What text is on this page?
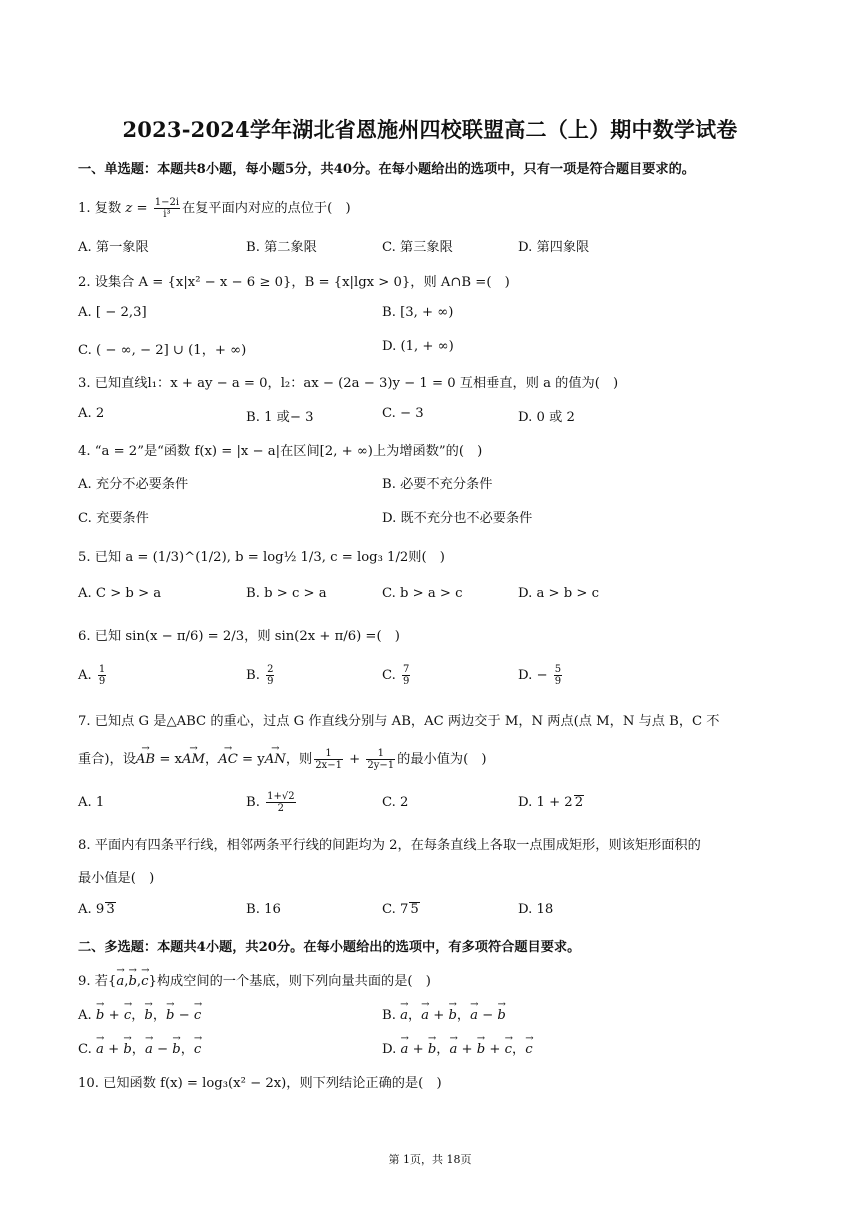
2023-2024学年湖北省恩施州四校联盟高二（上）期中数学试卷
一、单选题：本题共8小题，每小题5分，共40分。在每小题给出的选项中，只有一项是符合题目要求的。
1. 复数 $z = \frac{1-2i}{\text{i³}}$ 在复平面内对应的点位于(　)
A. 第一象限	B. 第二象限	C. 第三象限	D. 第四象限
2. 设集合 A = {x|x² − x − 6 ≥ 0}，B = {x|lgx > 0}，则 A∩B =(　)
A. [ − 2,3]	B. [3, + ∞)
C. ( − ∞, − 2] ∪ (1，+ ∞)	D. (1, + ∞)
3. 已知直线l₁：x + ay − a = 0，l₂：ax − (2a − 3)y − 1 = 0 互相垂直，则 a 的值为(　)
A. 2	B. 1 或− 3	C. − 3	D. 0 或 2
4. “a = 2”是“函数 f(x) = |x − a|在区间[2, + ∞)上为增函数”的(　)
A. 充分不必要条件	B. 必要不充分条件
C. 充要条件	D. 既不充分也不必要条件
5. 已知 a = (1/3)^(1/2), b = log½ 1/3, c = log₃ 1/2则(　)
A. C > b > a	B. b > c > a	C. b > a > c	D. a > b > c
6. 已知 sin(x − π/6) = 2/3，则 sin(2x + π/6) =(　)
A. $\frac{1}{9}$	B. $\frac{2}{9}$	C. $\frac{7}{9}$	D. − $\frac{5}{9}$
7. 已知点 G 是△ABC 的重心，过点 G 作直线分别与 AB，AC 两边交于 M，N 两点(点 M，N 与点 B，C 不
重合)，设→ AB = x→ AM，→ AC = y→ AN，则 $\frac{1}{2x-1} + \frac{1}{2y-1}$ 的最小值为(　)
A. 1	B. $\frac{1+√2}{2}$	C. 2	D. 1 + 2 2
8. 平面内有四条平行线，相邻两条平行线的间距均为 2，在每条直线上各取一点围成矩形，则该矩形面积的
最小值是(　)
A. 9 3	B. 16	C. 7 5	D. 18
二、多选题：本题共4小题，共20分。在每小题给出的选项中，有多项符合题目要求。
9. 若{→ a,→ b,→ c}构成空间的一个基底，则下列向量共面的是(　)
A. → b + → c，→ b，→ b − → c	B. → a，→ a + → b，→ a − → b
C. → a + → b，→ a − → b，→ c	D. → a + → b，→ a + → b + → c，→ c
10. 已知函数 f(x) = log₃(x² − 2x)，则下列结论正确的是(　)
第 1页，共 18页
